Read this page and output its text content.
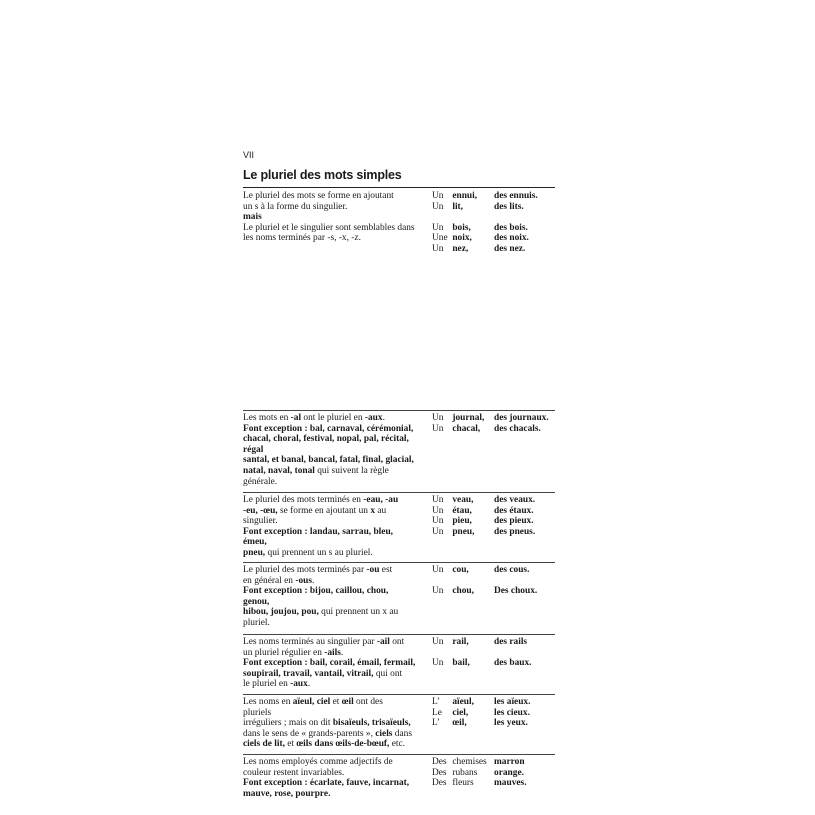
VII
Le pluriel des mots simples
Le pluriel des mots se forme en ajoutant
un s à la forme du singulier.
mais
Le pluriel et le singulier sont semblables dans
les noms terminés par -s, -x, -z.
Un ennui,
Un lit,

Un bois,
Une noix,
Un nez,
des ennuis.
des lits.

des bois.
des noix.
des nez.
Les mots en -al ont le pluriel en -aux.
Font exception : bal, carnaval, cérémonial,
chacal, choral, festival, nopal, pal, récital,
régal
santal, et banal, bancal, fatal, final, glacial,
natal, naval, tonal qui suivent la règle
générale.
Un journal,
Un chacal,
des journaux.
des chacals.
Le pluriel des mots terminés en -eau, -au
-eu, -œu, se forme en ajoutant un x au
singulier.
Font exception : landau, sarrau, bleu,
émeu,
pneu, qui prennent un s au pluriel.
Un veau,
Un étau,
Un pieu,
Un pneu,
des veaux.
des étaux.
des pieux.
des pneus.
Le pluriel des mots terminés par -ou est
en général en -ous.
Font exception : bijou, caillou, chou,
genou,
hibou, joujou, pou, qui prennent un x au
pluriel.
Un cou,

Un chou,
des cous.

Des choux.
Les noms terminés au singulier par -ail ont
un pluriel régulier en -ails.
Font exception : bail, corail, émail, fermail,
soupirail, travail, vantail, vitrail, qui ont
le pluriel en -aux.
Un rail,

Un bail,
des rails

des baux.
Les noms en aïeul, ciel et œil ont des
pluriels
irréguliers ; mais on dit bisaïeuls, trisaïeuls,
dans le sens de « grands-parents », ciels dans
ciels de lit, et œils dans œils-de-bœuf, etc.
L’ aïeul,
Le ciel,
L’ œil,
les aïeux.
les cieux.
les yeux.
Les noms employés comme adjectifs de
couleur restent invariables.
Font exception : écarlate, fauve, incarnat,
mauve, rose, pourpre.
Des chemises
Des rubans
Des fleurs
marron
orange.
mauves.
